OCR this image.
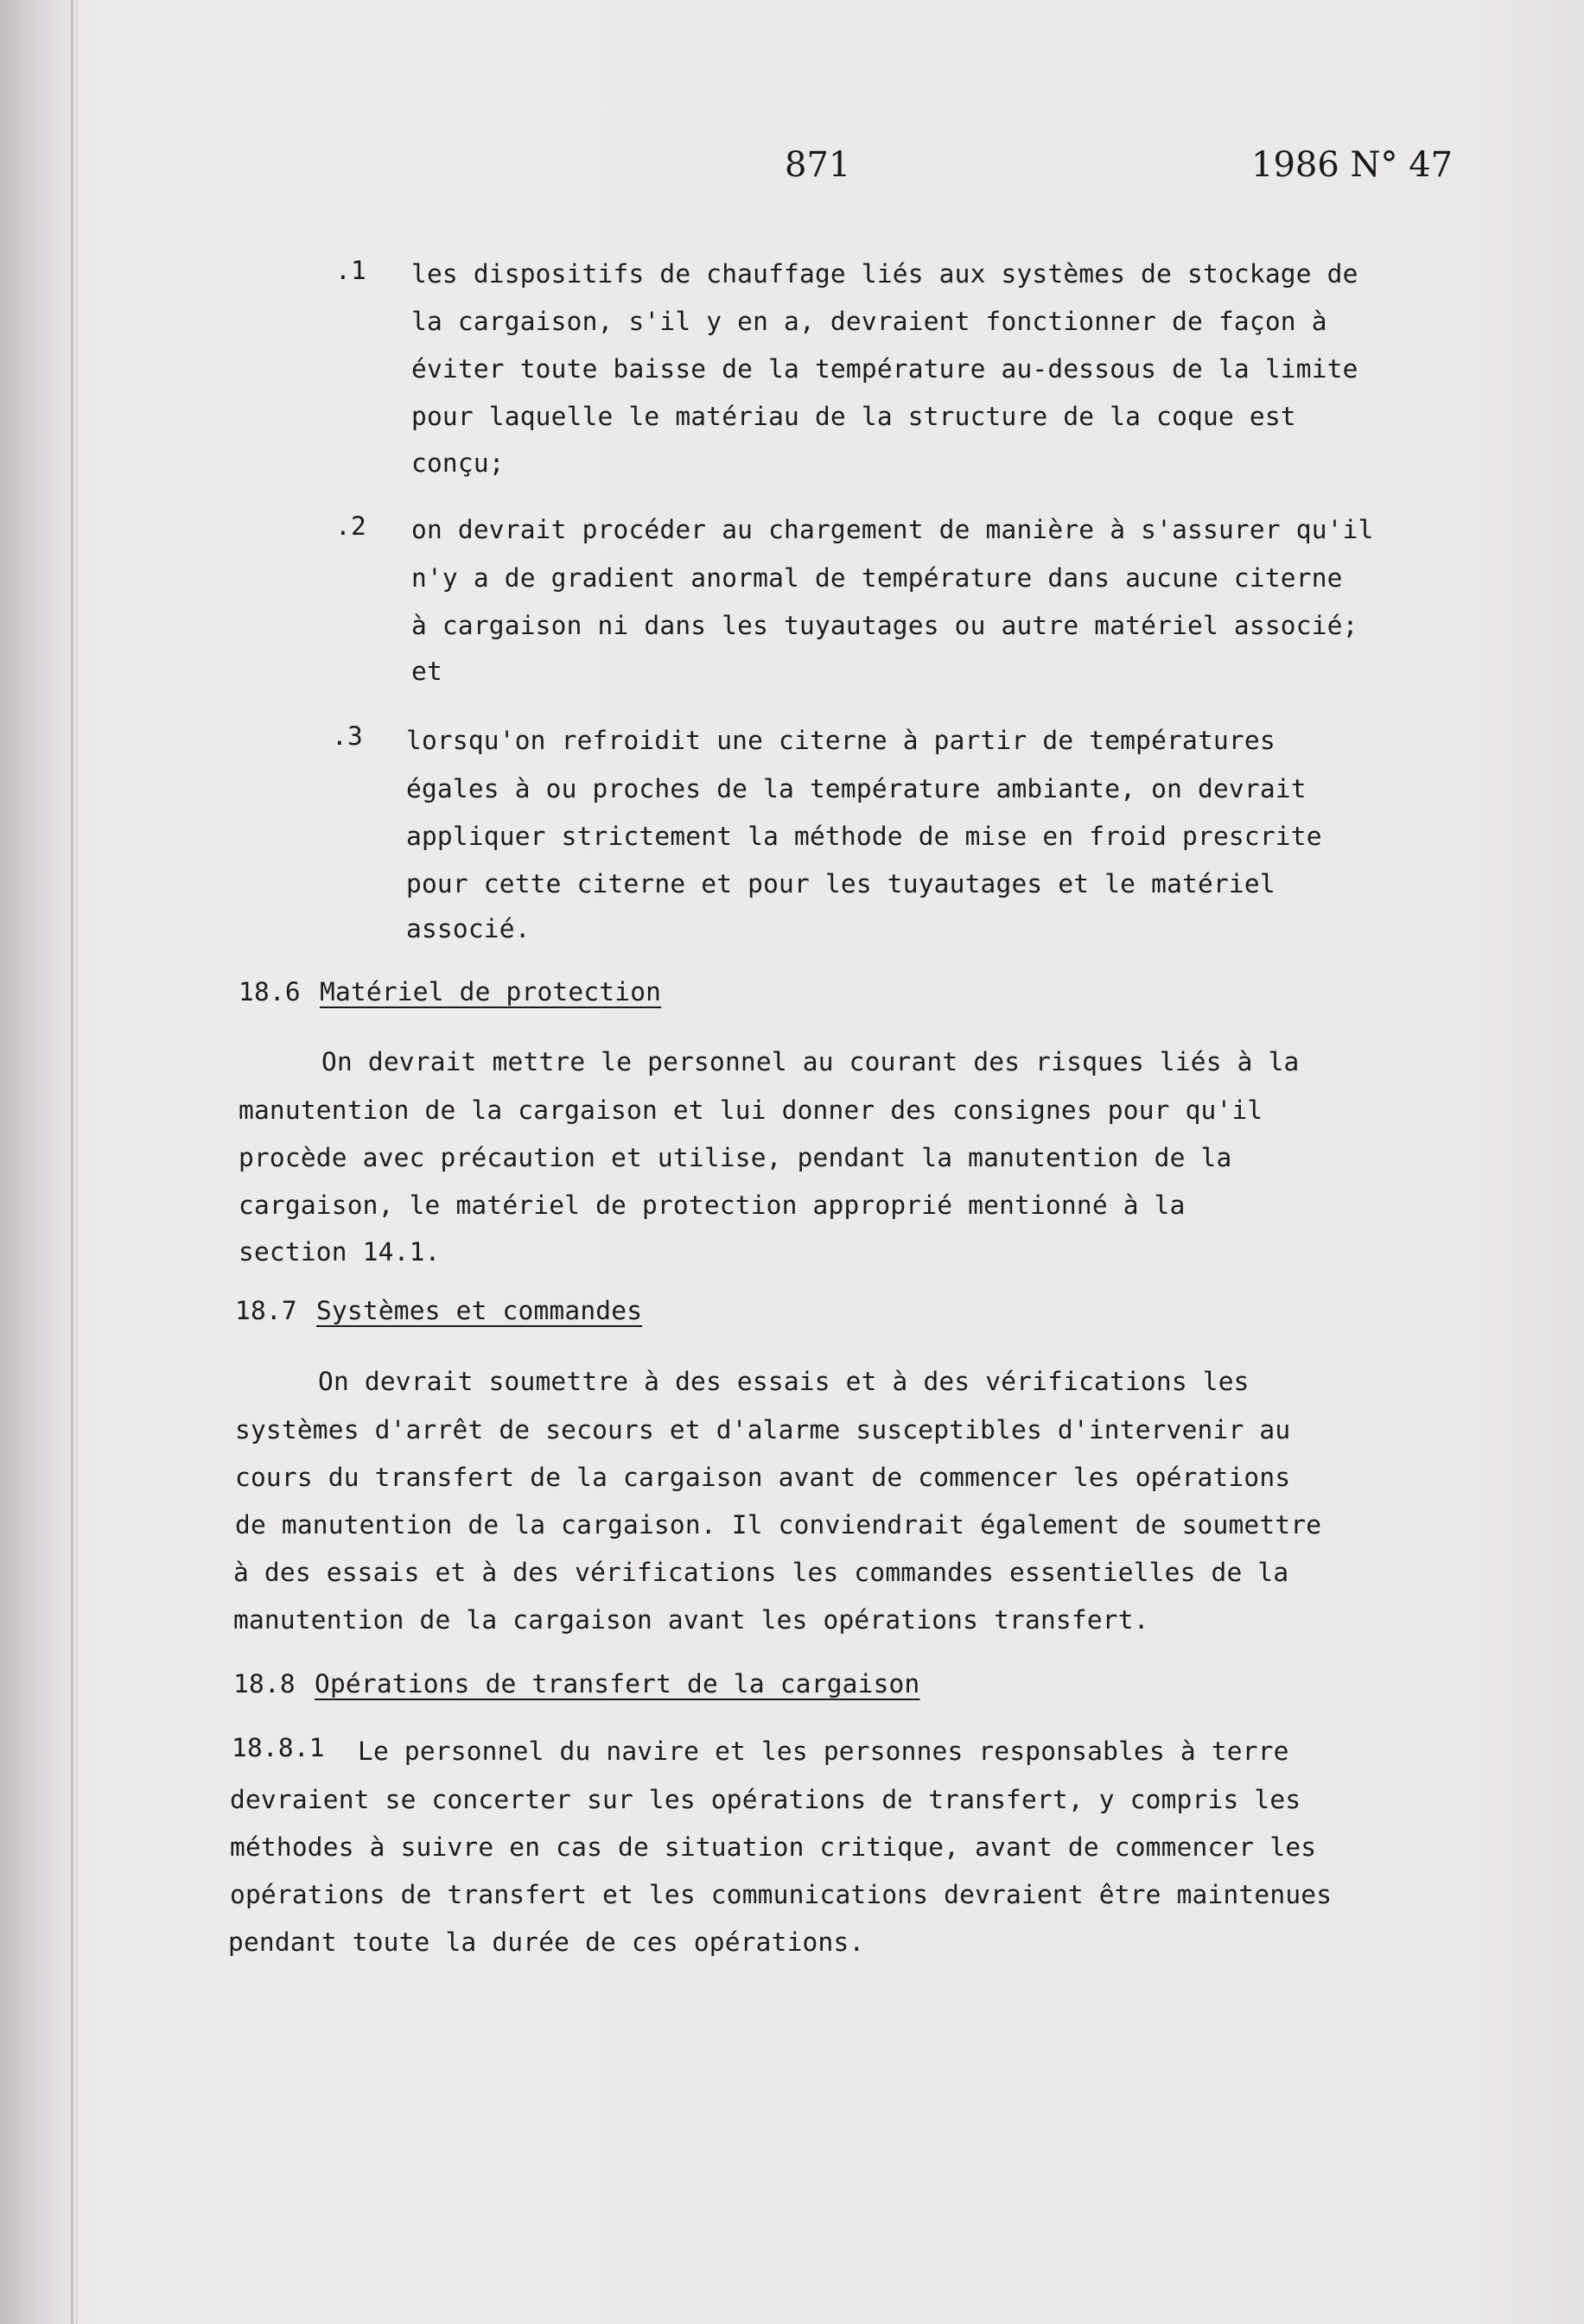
871	1986 N° 47
.1 les dispositifs de chauffage liés aux systèmes de stockage de
la cargaison, s'il y en a, devraient fonctionner de façon à
éviter toute baisse de la température au-dessous de la limite
pour laquelle le matériau de la structure de la coque est
conçu;
.2 on devrait procéder au chargement de manière à s'assurer qu'il
n'y a de gradient anormal de température dans aucune citerne
à cargaison ni dans les tuyautages ou autre matériel associé;
et
.3 lorsqu'on refroidit une citerne à partir de températures
égales à ou proches de la température ambiante, on devrait
appliquer strictement la méthode de mise en froid prescrite
pour cette citerne et pour les tuyautages et le matériel
associé.
18.6 Matériel de protection
On devrait mettre le personnel au courant des risques liés à la
manutention de la cargaison et lui donner des consignes pour qu'il
procède avec précaution et utilise, pendant la manutention de la
cargaison, le matériel de protection approprié mentionné à la
section 14.1.
18.7 Systèmes et commandes
On devrait soumettre à des essais et à des vérifications les
systèmes d'arrêt de secours et d'alarme susceptibles d'intervenir au
cours du transfert de la cargaison avant de commencer les opérations
de manutention de la cargaison. Il conviendrait également de soumettre
à des essais et à des vérifications les commandes essentielles de la
manutention de la cargaison avant les opérations transfert.
18.8 Opérations de transfert de la cargaison
18.8.1 Le personnel du navire et les personnes responsables à terre
devraient se concerter sur les opérations de transfert, y compris les
méthodes à suivre en cas de situation critique, avant de commencer les
opérations de transfert et les communications devraient être maintenues
pendant toute la durée de ces opérations.
